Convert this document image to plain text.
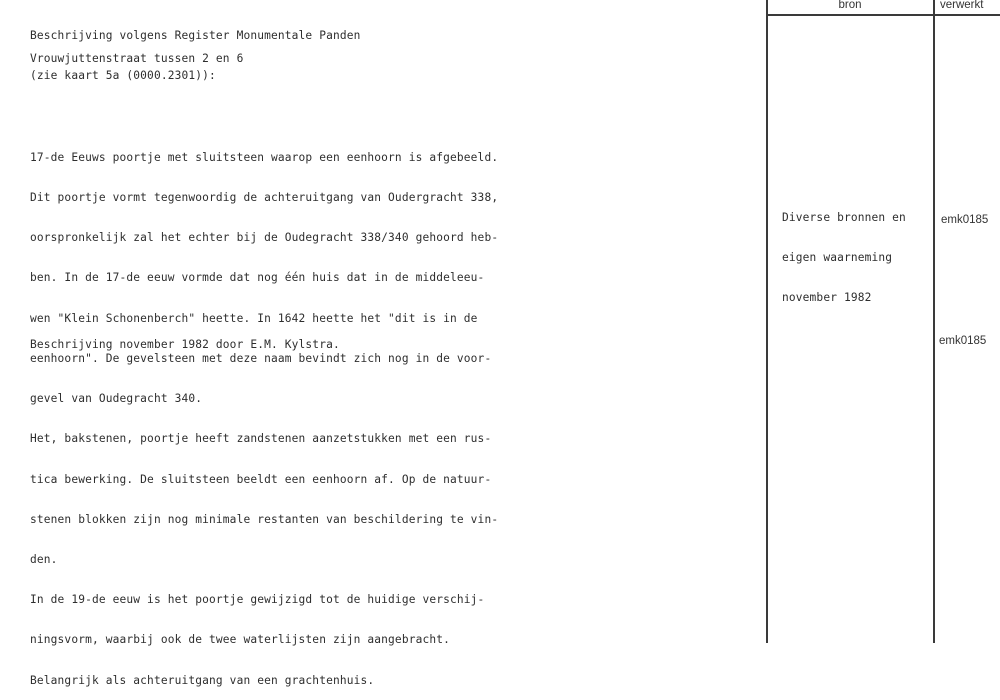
Beschrijving volgens Register Monumentale Panden

(zie kaart 5a (0000.2301)):

Vrouwjuttenstraat tussen 2 en 6

17-de Eeuws poortje met sluitsteen waarop een eenhoorn is afgebeeld.

Dit poortje vormt tegenwoordig de achteruitgang van Oudergracht 338,

oorspronkelijk zal het echter bij de Oudegracht 338/340 gehoord heb-

ben. In de 17-de eeuw vormde dat nog één huis dat in de middeleeu-

wen "Klein Schonenberch" heette. In 1642 heette het "dit is in de

eenhoorn". De gevelsteen met deze naam bevindt zich nog in de voor-

gevel van Oudegracht 340.

Het, bakstenen, poortje heeft zandstenen aanzetstukken met een rus-

tica bewerking. De sluitsteen beeldt een eenhoorn af. Op de natuur-

stenen blokken zijn nog minimale restanten van beschildering te vin-

den.

In de 19-de eeuw is het poortje gewijzigd tot de huidige verschij-

ningsvorm, waarbij ook de twee waterlijsten zijn aangebracht.

Belangrijk als achteruitgang van een grachtenhuis.

Beschrijving november 1982 door E.M. Kylstra.
bron	verwerkt

Diverse bronnen en

eigen waarneming

november 1982

emk0185
emk0185
